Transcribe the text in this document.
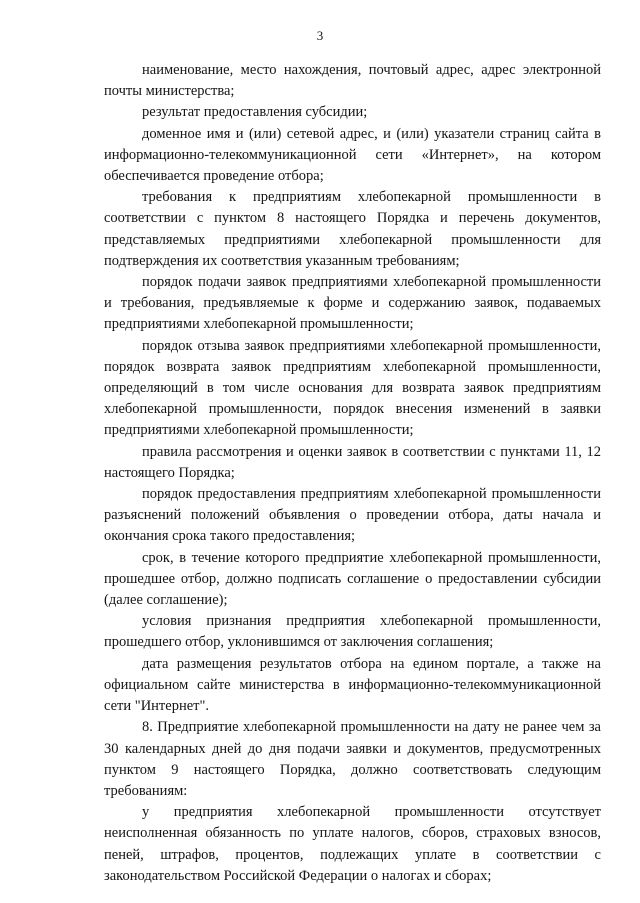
3

наименование, место нахождения, почтовый адрес, адрес электронной почты министерства;

результат предоставления субсидии;

доменное имя и (или) сетевой адрес, и (или) указатели страниц сайта в информационно-телекоммуникационной сети «Интернет», на котором обеспечивается проведение отбора;

требования к предприятиям хлебопекарной промышленности в соответствии с пунктом 8 настоящего Порядка и перечень документов, представляемых предприятиями хлебопекарной промышленности для подтверждения их соответствия указанным требованиям;

порядок подачи заявок предприятиями хлебопекарной промышленности и требования, предъявляемые к форме и содержанию заявок, подаваемых предприятиями хлебопекарной промышленности;

порядок отзыва заявок предприятиями хлебопекарной промышленности, порядок возврата заявок предприятиям хлебопекарной промышленности, определяющий в том числе основания для возврата заявок предприятиям хлебопекарной промышленности, порядок внесения изменений в заявки предприятиями хлебопекарной промышленности;

правила рассмотрения и оценки заявок в соответствии с пунктами 11, 12 настоящего Порядка;

порядок предоставления предприятиям хлебопекарной промышленности разъяснений положений объявления о проведении отбора, даты начала и окончания срока такого предоставления;

срок, в течение которого предприятие хлебопекарной промышленности, прошедшее отбор, должно подписать соглашение о предоставлении субсидии (далее соглашение);

условия признания предприятия хлебопекарной промышленности, прошедшего отбор, уклонившимся от заключения соглашения;

дата размещения результатов отбора на едином портале, а также на официальном сайте министерства в информационно-телекоммуникационной сети "Интернет".

8. Предприятие хлебопекарной промышленности на дату не ранее чем за 30 календарных дней до дня подачи заявки и документов, предусмотренных пунктом 9 настоящего Порядка, должно соответствовать следующим требованиям:

у предприятия хлебопекарной промышленности отсутствует неисполненная обязанность по уплате налогов, сборов, страховых взносов, пеней, штрафов, процентов, подлежащих уплате в соответствии с законодательством Российской Федерации о налогах и сборах;
